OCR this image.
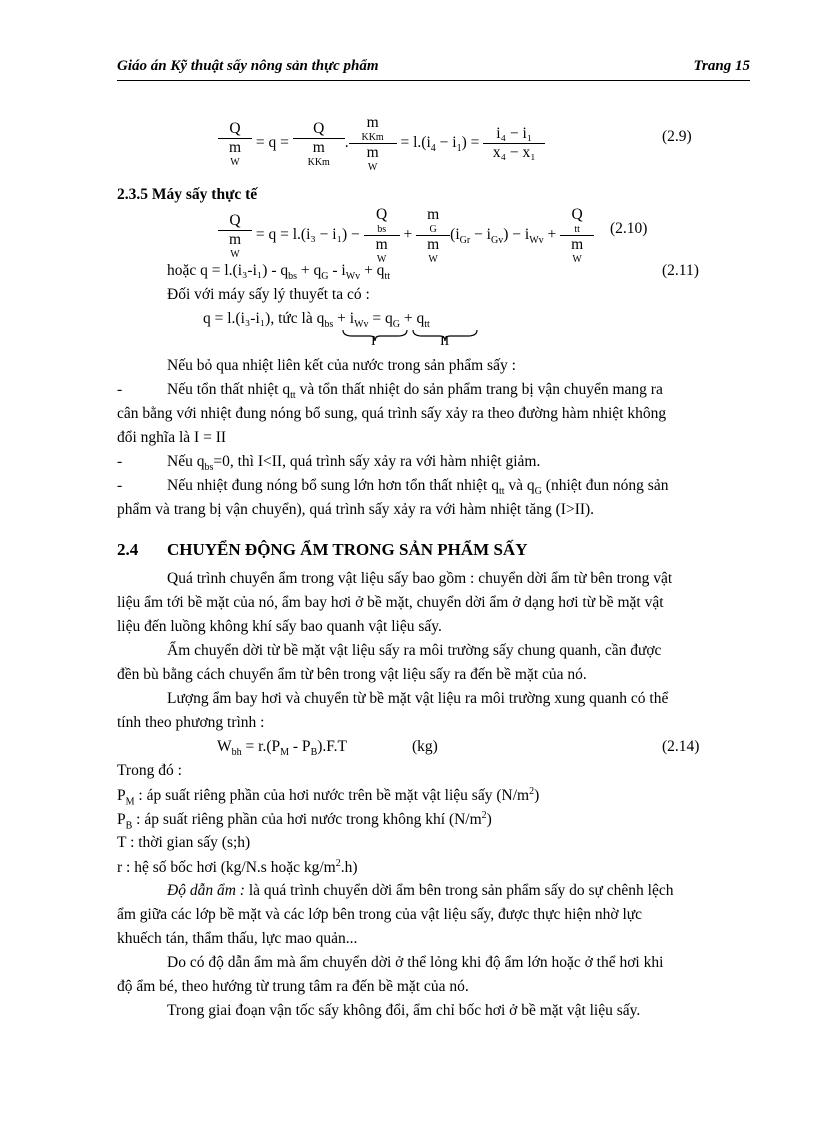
Giáo án Kỹ thuật sấy nông sản thực phẩm	Trang 15
Q
m
W = q = Q
m
KKm . m
KKm
m
$W = l.(i_4 - i_1) = \frac{\text{i₄ − i₁}}{\text{x₄ − x₁}}$	(2.9)
2.3.5 Máy sấy thực tế
Q
m
W = q = l.(i₃ − i₁) − Q
bs
m
W + m
G
m
W $(i_{Gr} - i_{Gv}) - i_{Wv} + Q$
tt
m
W (2.10)
hoặc $q = l.(i_3-i_1) - q_{bs} + q_G - i_{Wv} + q_{tt}$	(2.11)
Đối với máy sấy lý thuyết ta có :
q = l.(i₃-i₁), tức là $q_{bs} + i_{Wv} = q_G + q_{tt}$
I	II
Nếu bỏ qua nhiệt liên kết của nước trong sản phẩm sấy :
-	Nếu tổn thất nhiệt $q_{tt}$ và tổn thất nhiệt do sản phẩm trang bị vận chuyển mang ra
cân bằng với nhiệt đung nóng bổ sung, quá trình sấy xảy ra theo đường hàm nhiệt không
đổi nghĩa là I = II
-	Nếu $q_{bs}=0$, thì I<II, quá trình sấy xảy ra với hàm nhiệt giảm.
-	Nếu nhiệt đung nóng bổ sung lớn hơn tổn thất nhiệt $q_{tt}$ và $q_G$ (nhiệt đun nóng sản
phẩm và trang bị vận chuyển), quá trình sấy xảy ra với hàm nhiệt tăng (I>II).
2.4 CHUYỂN ĐỘNG ẨM TRONG SẢN PHẨM SẤY
Quá trình chuyển ẩm trong vật liệu sấy bao gồm : chuyển dời ẩm từ bên trong vật
liệu ẩm tới bề mặt của nó, ẩm bay hơi ở bề mặt, chuyển dời ẩm ở dạng hơi từ bề mặt vật
liệu đến luồng không khí sấy bao quanh vật liệu sấy.
Ẩm chuyển dời từ bề mặt vật liệu sấy ra môi trường sấy chung quanh, cần được
đền bù bằng cách chuyển ẩm từ bên trong vật liệu sấy ra đến bề mặt của nó.
Lượng ẩm bay hơi và chuyển từ bề mặt vật liệu ra môi trường xung quanh có thể
tính theo phương trình :
$W_{bh} = r.(P_M - P_B).F.T$	(kg)	(2.14)
Trong đó :
$P_M$ : áp suất riêng phần của hơi nước trên bề mặt vật liệu sấy $(N/m^2)$
$P_B$ : áp suất riêng phần của hơi nước trong không khí $(N/m^2)$
T : thời gian sấy (s;h)
r : hệ số bốc hơi (kg/N.s hoặc $kg/m^2.h$)
Độ dẫn ẩm : là quá trình chuyển dời ẩm bên trong sản phẩm sấy do sự chênh lệch
ẩm giữa các lớp bề mặt và các lớp bên trong của vật liệu sấy, được thực hiện nhờ lực
khuếch tán, thẩm thấu, lực mao quản...
Do có độ dẫn ẩm mà ẩm chuyển dời ở thể lỏng khi độ ẩm lớn hoặc ở thể hơi khi
độ ẩm bé, theo hướng từ trung tâm ra đến bề mặt của nó.
Trong giai đoạn vận tốc sấy không đổi, ẩm chỉ bốc hơi ở bề mặt vật liệu sấy.
